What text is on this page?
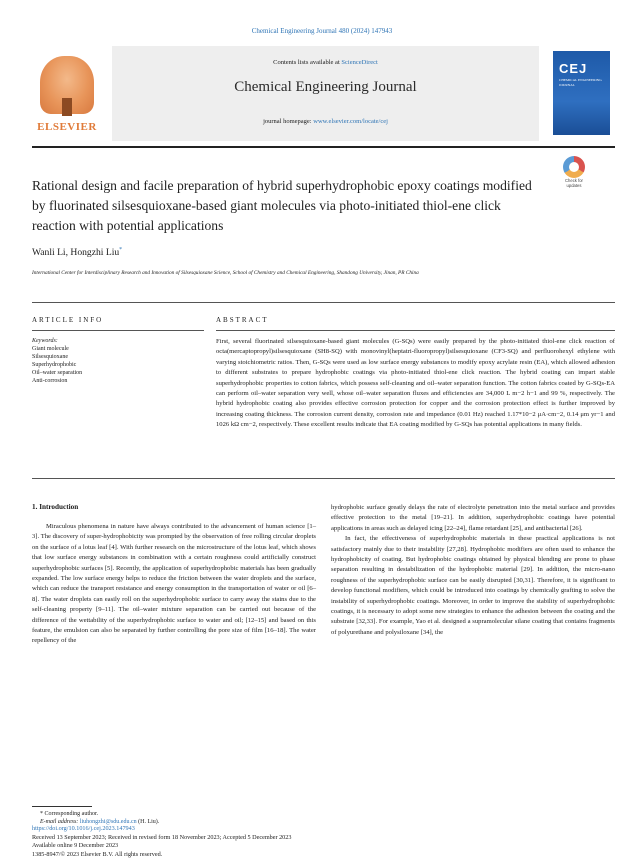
Chemical Engineering Journal 480 (2024) 147943
ELSEVIER
Contents lists available at ScienceDirect
Chemical Engineering Journal
journal homepage: www.elsevier.com/locate/cej
CEJ
CHEMICAL ENGINEERING JOURNAL
Rational design and facile preparation of hybrid superhydrophobic epoxy coatings modified by fluorinated silsesquioxane-based giant molecules via photo-initiated thiol-ene click reaction with potential applications
Check for updates
Wanli Li, Hongzhi Liu*
International Center for Interdisciplinary Research and Innovation of Silsesquioxane Science, School of Chemistry and Chemical Engineering, Shandong University, Jinan, PR China
ARTICLE INFO	ABSTRACT
Keywords:
Giant molecule
Silsesquioxane
Superhydrophobic
Oil–water separation
Anti-corrosion
First, several fluorinated silsesquioxane-based giant molecules (G-SQs) were easily prepared by the photo-initiated thiol-ene click reaction of octa(mercaptopropyl)silsesquioxane (SH8-SQ) with monovinyl(heptatri-fluoropropyl)silsesquioxane (CF3-SQ) and perfluorohexyl ethylene with varying stoichiometric ratios. Then, G-SQs were used as low surface energy substances to modify epoxy acrylate resin (EA), which allowed adhesion to different substrates to prepare hydrophobic coatings via photo-initiated thiol-ene click reaction. The hybrid coating can impart stable superhydrophobic properties to cotton fabrics, which possess self-cleaning and oil–water separation function. The cotton fabrics coated by G-SQs-EA can perform oil–water separation very well, whose oil–water separation fluxes and efficiencies are 34,000 L m−2 h−1 and 99 %, respectively. The hybrid hydrophobic coating also provides effective corrosion protection for copper and the corrosion protection effect is further improved by increasing coating thickness. The corrosion current density, corrosion rate and impedance (0.01 Hz) reached 1.17*10−2 μA·cm−2, 0.14 μm yr−1 and 1026 kΩ cm−2, respectively. These excellent results indicate that EA coating modified by G-SQs has potential applications in many fields.
1. Introduction

Miraculous phenomena in nature have always contributed to the advancement of human science [1–3]. The discovery of super-hydrophobicity was prompted by the observation of free rolling circular droplets on the surface of a lotus leaf [4]. With further research on the microstructure of the lotus leaf, which shows that low surface energy substances in combination with a certain roughness could artificially construct superhydrophobic surfaces [5]. Recently, the application of superhydrophobic materials has been gradually expanded. The low surface energy helps to reduce the friction between the water droplets and the surface, which can reduce the transport resistance and energy consumption in the transportation of water or oil [6–8]. The water droplets can easily roll on the superhydrophobic surface to carry away the stains due to the self-cleaning property [9–11]. The oil–water mixture separation can be carried out because of the difference of the wettability of the superhydrophobic surface to water and oil; [12–15] and based on this feature, the emulsion can also be separated by further controlling the pore size of film [16–18]. The water repellency of the

hydrophobic surface greatly delays the rate of electrolyte penetration into the metal surface and provides effective protection to the metal [19–21]. In addition, superhydrophobic coatings have potential applications in areas such as delayed icing [22–24], flame retardant [25], and antibacterial [26].

In fact, the effectiveness of superhydrophobic materials in these practical applications is not satisfactory mainly due to their instability [27,28]. Hydrophobic modifiers are often used to enhance the hydrophobicity of coating. But hydrophobic coatings obtained by physical blending are prone to phase separation resulting in destabilization of the hydrophobic material [29]. In addition, the micro-nano roughness of the superhydrophobic surface can be easily disrupted [30,31]. Therefore, it is significant to develop functional modifiers, which could be introduced into coatings by chemically grafting to solve the instability of superhydrophobic coatings. Moreover, in order to improve the stability of superhydrophobic coatings, it is necessary to adopt some new strategies to enhance the adhesion between the coating and the substrate [32,33]. For example, Yao et al. designed a supramolecular silane coating that contains fragments of polyurethane and polysiloxane [34], the

* Corresponding author.
E-mail address: liuhongzhi@sdu.edu.cn (H. Liu).
https://doi.org/10.1016/j.cej.2023.147943
Received 13 September 2023; Received in revised form 18 November 2023; Accepted 5 December 2023
Available online 9 December 2023
1385-8947/© 2023 Elsevier B.V. All rights reserved.
